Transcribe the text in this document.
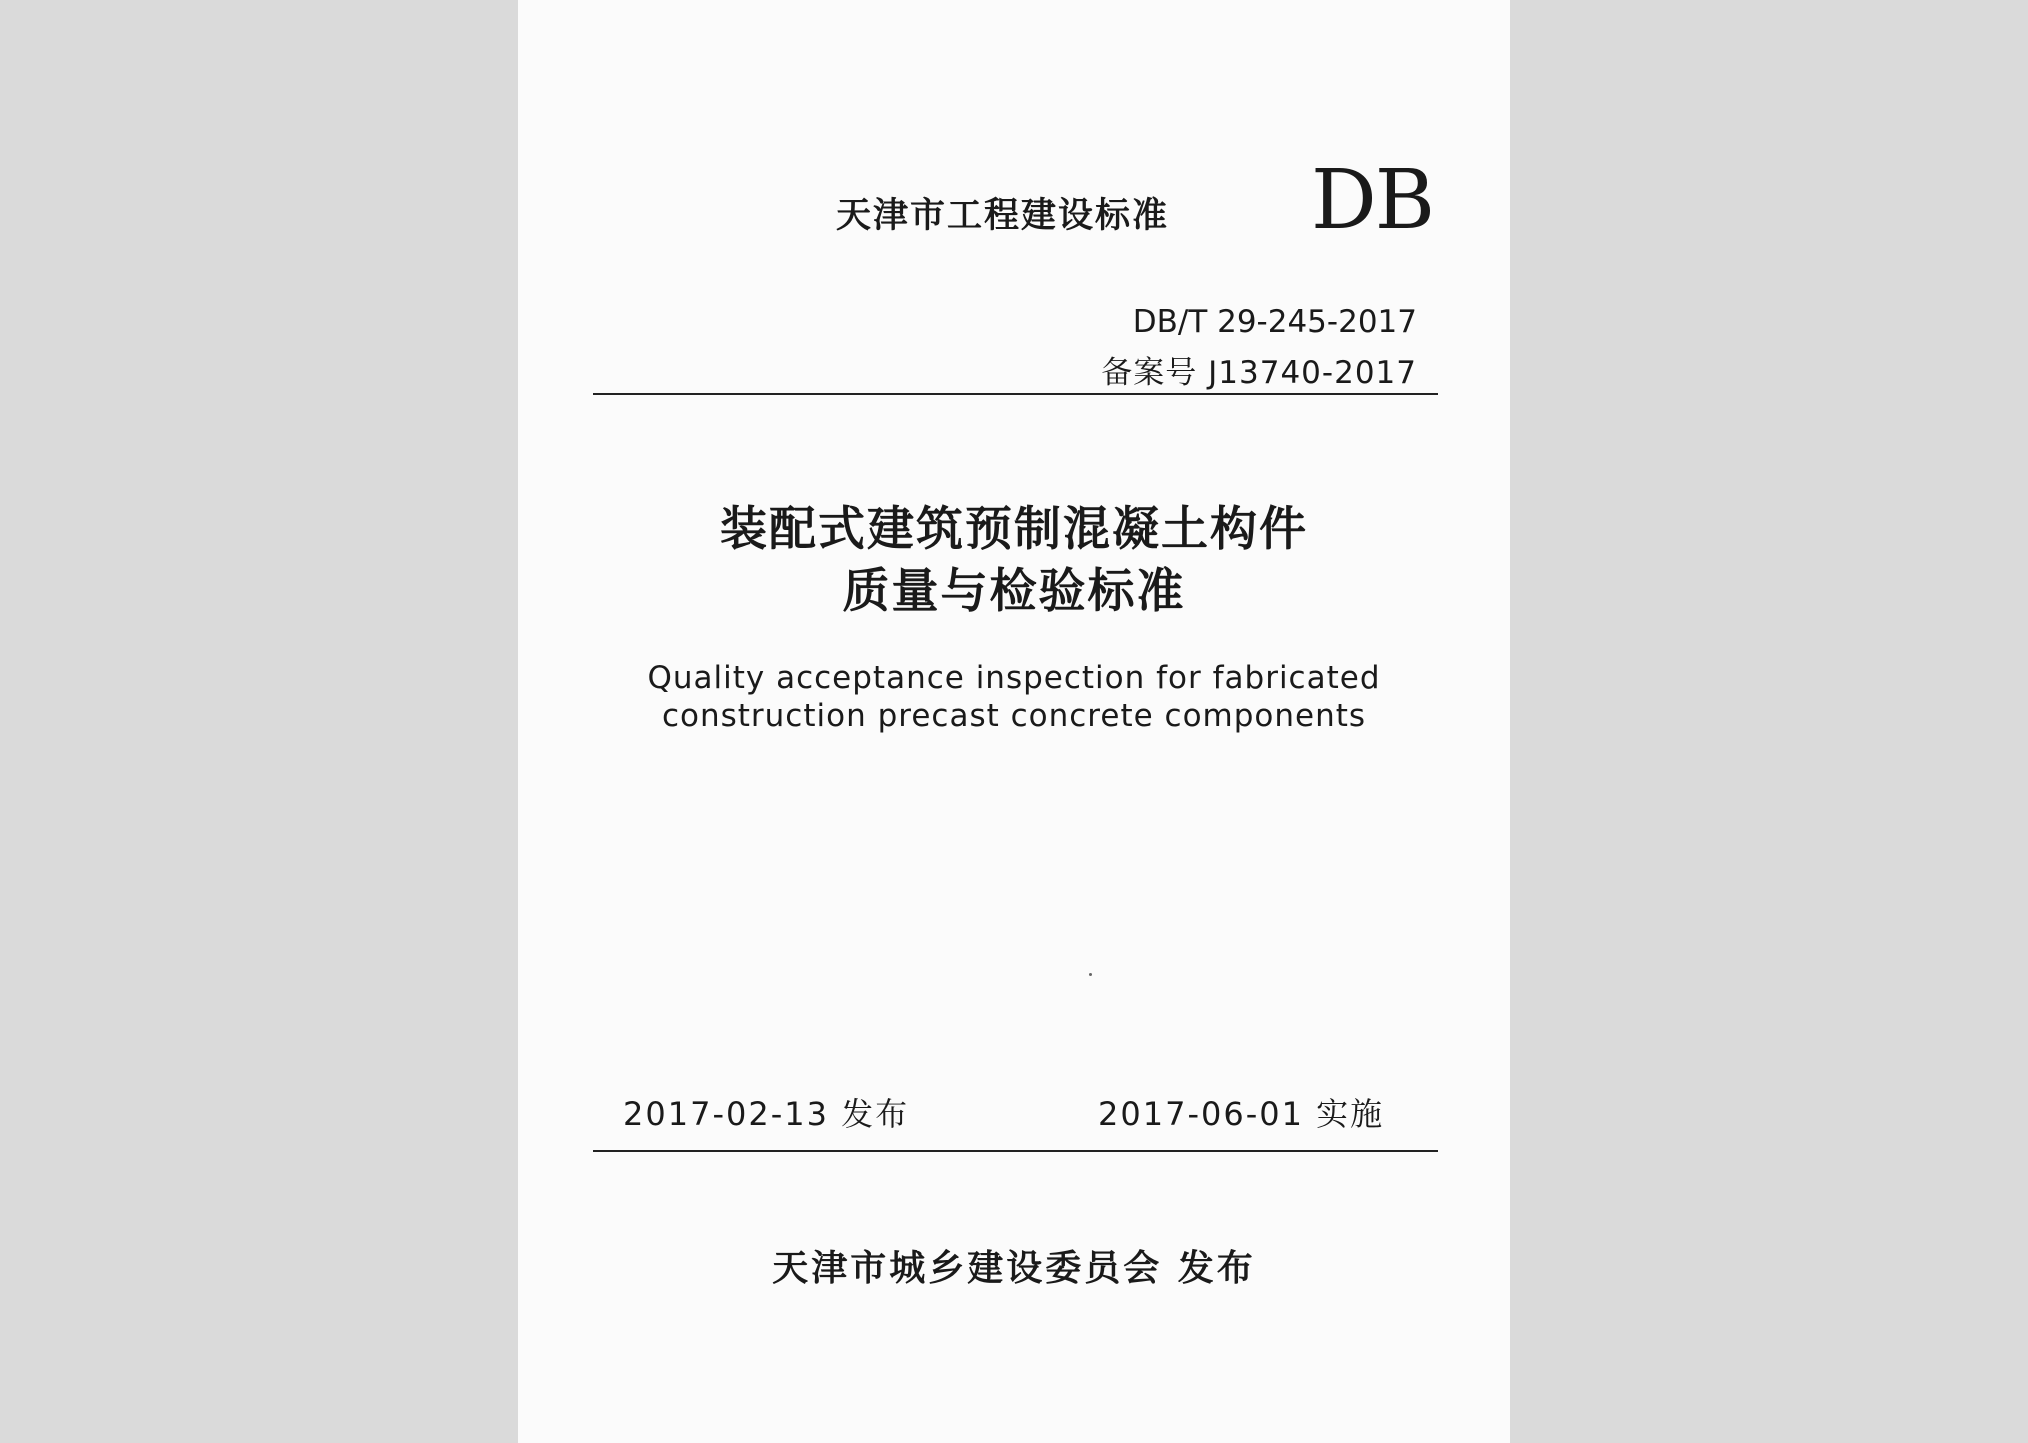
天津市工程建设标准 DB
DB/T 29-245-2017
备案号 J13740-2017
装配式建筑预制混凝土构件
质量与检验标准
Quality acceptance inspection for fabricated
construction precast concrete components
2017-02-13 发布	2017-06-01 实施
天津市城乡建设委员会 发布
